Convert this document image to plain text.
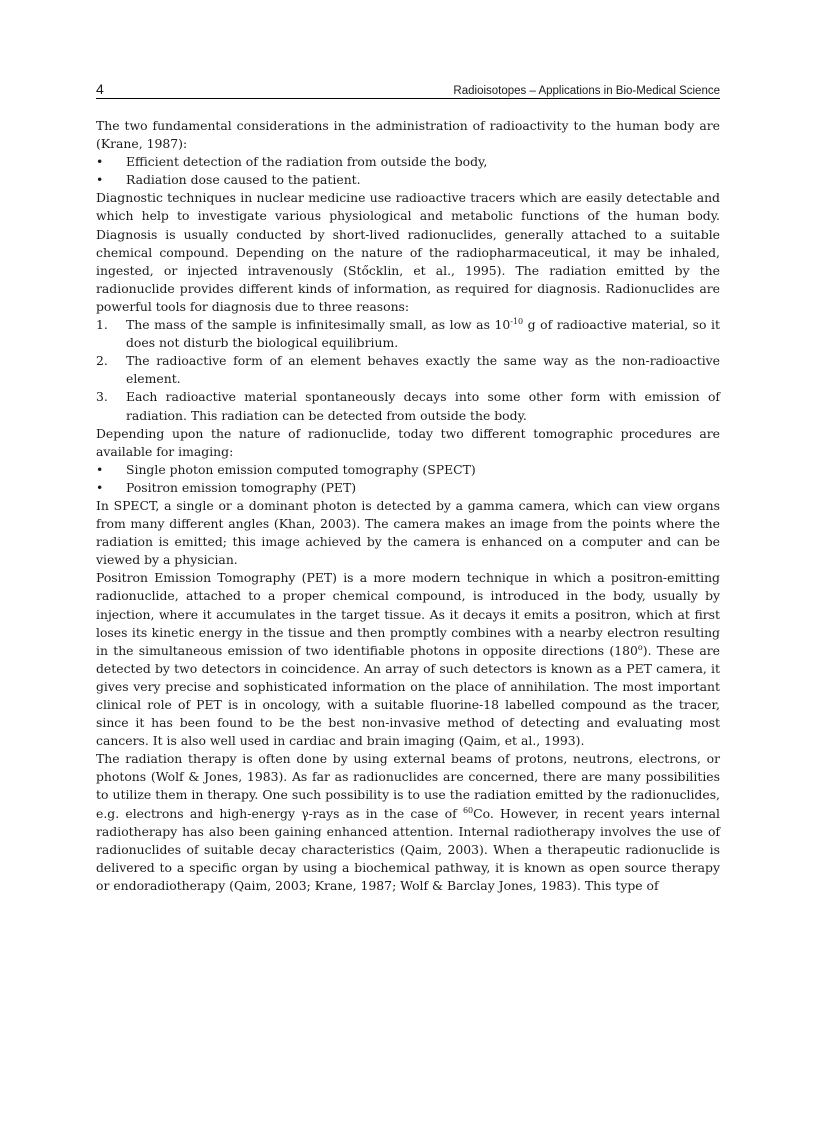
4	Radioisotopes – Applications in Bio-Medical Science

The two fundamental considerations in the administration of radioactivity to the human body are (Krane, 1987):

• Efficient detection of the radiation from outside the body,
• Radiation dose caused to the patient.

Diagnostic techniques in nuclear medicine use radioactive tracers which are easily detectable and which help to investigate various physiological and metabolic functions of the human body. Diagnosis is usually conducted by short-lived radionuclides, generally attached to a suitable chemical compound. Depending on the nature of the radiopharmaceutical, it may be inhaled, ingested, or injected intravenously (Stőcklin, et al., 1995). The radiation emitted by the radionuclide provides different kinds of information, as required for diagnosis. Radionuclides are powerful tools for diagnosis due to three reasons:

1. The mass of the sample is infinitesimally small, as low as $10^{-10}$ g of radioactive material, so it does not disturb the biological equilibrium.
2. The radioactive form of an element behaves exactly the same way as the non-radioactive element.
3. Each radioactive material spontaneously decays into some other form with emission of radiation. This radiation can be detected from outside the body.

Depending upon the nature of radionuclide, today two different tomographic procedures are available for imaging:

• Single photon emission computed tomography (SPECT)
• Positron emission tomography (PET)

In SPECT, a single or a dominant photon is detected by a gamma camera, which can view organs from many different angles (Khan, 2003). The camera makes an image from the points where the radiation is emitted; this image achieved by the camera is enhanced on a computer and can be viewed by a physician.

Positron Emission Tomography (PET) is a more modern technique in which a positron-emitting radionuclide, attached to a proper chemical compound, is introduced in the body, usually by injection, where it accumulates in the target tissue. As it decays it emits a positron, which at first loses its kinetic energy in the tissue and then promptly combines with a nearby electron resulting in the simultaneous emission of two identifiable photons in opposite directions (180$^o$). These are detected by two detectors in coincidence. An array of such detectors is known as a PET camera, it gives very precise and sophisticated information on the place of annihilation. The most important clinical role of PET is in oncology, with a suitable fluorine-18 labelled compound as the tracer, since it has been found to be the best non-invasive method of detecting and evaluating most cancers. It is also well used in cardiac and brain imaging (Qaim, et al., 1993).

The radiation therapy is often done by using external beams of protons, neutrons, electrons, or photons (Wolf & Jones, 1983). As far as radionuclides are concerned, there are many possibilities to utilize them in therapy. One such possibility is to use the radiation emitted by the radionuclides, e.g. electrons and high-energy γ-rays as in the case of $^{60}$Co. However, in recent years internal radiotherapy has also been gaining enhanced attention. Internal radiotherapy involves the use of radionuclides of suitable decay characteristics (Qaim, 2003). When a therapeutic radionuclide is delivered to a specific organ by using a biochemical pathway, it is known as open source therapy or endoradiotherapy (Qaim, 2003; Krane, 1987; Wolf & Barclay Jones, 1983). This type of
